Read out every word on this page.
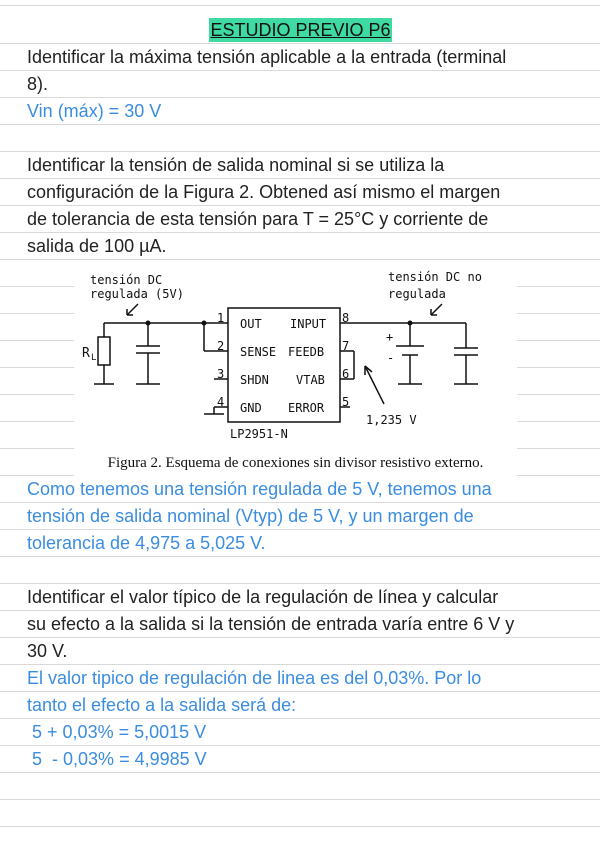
ESTUDIO PREVIO P6

Identificar la máxima tensión aplicable a la entrada (terminal
8).

Vin (máx) = 30 V

Identificar la tensión de salida nominal si se utiliza la
configuración de la Figura 2. Obtened así mismo el margen
de tolerancia de esta tensión para T = 25°C y corriente de
salida de 100 µA.

tensión DC
regulada (5V)
tensión DC no
regulada
OUT INPUT
SENSE FEEDB
SHDN VTAB
GND ERROR
1
2
3
4	5
6
7
8
R L
+
-
LP2951-N
1,235 V
Figura 2. Esquema de conexiones sin divisor resistivo externo.

Como tenemos una tensión regulada de 5 V, tenemos una
tensión de salida nominal (Vtyp) de 5 V, y un margen de
tolerancia de 4,975 a 5,025 V.

Identificar el valor típico de la regulación de línea y calcular
su efecto a la salida si la tensión de entrada varía entre 6 V y
30 V.

El valor tipico de regulación de linea es del 0,03%. Por lo
tanto el efecto a la salida será de:
5 + 0,03% = 5,0015 V
5  - 0,03% = 4,9985 V
